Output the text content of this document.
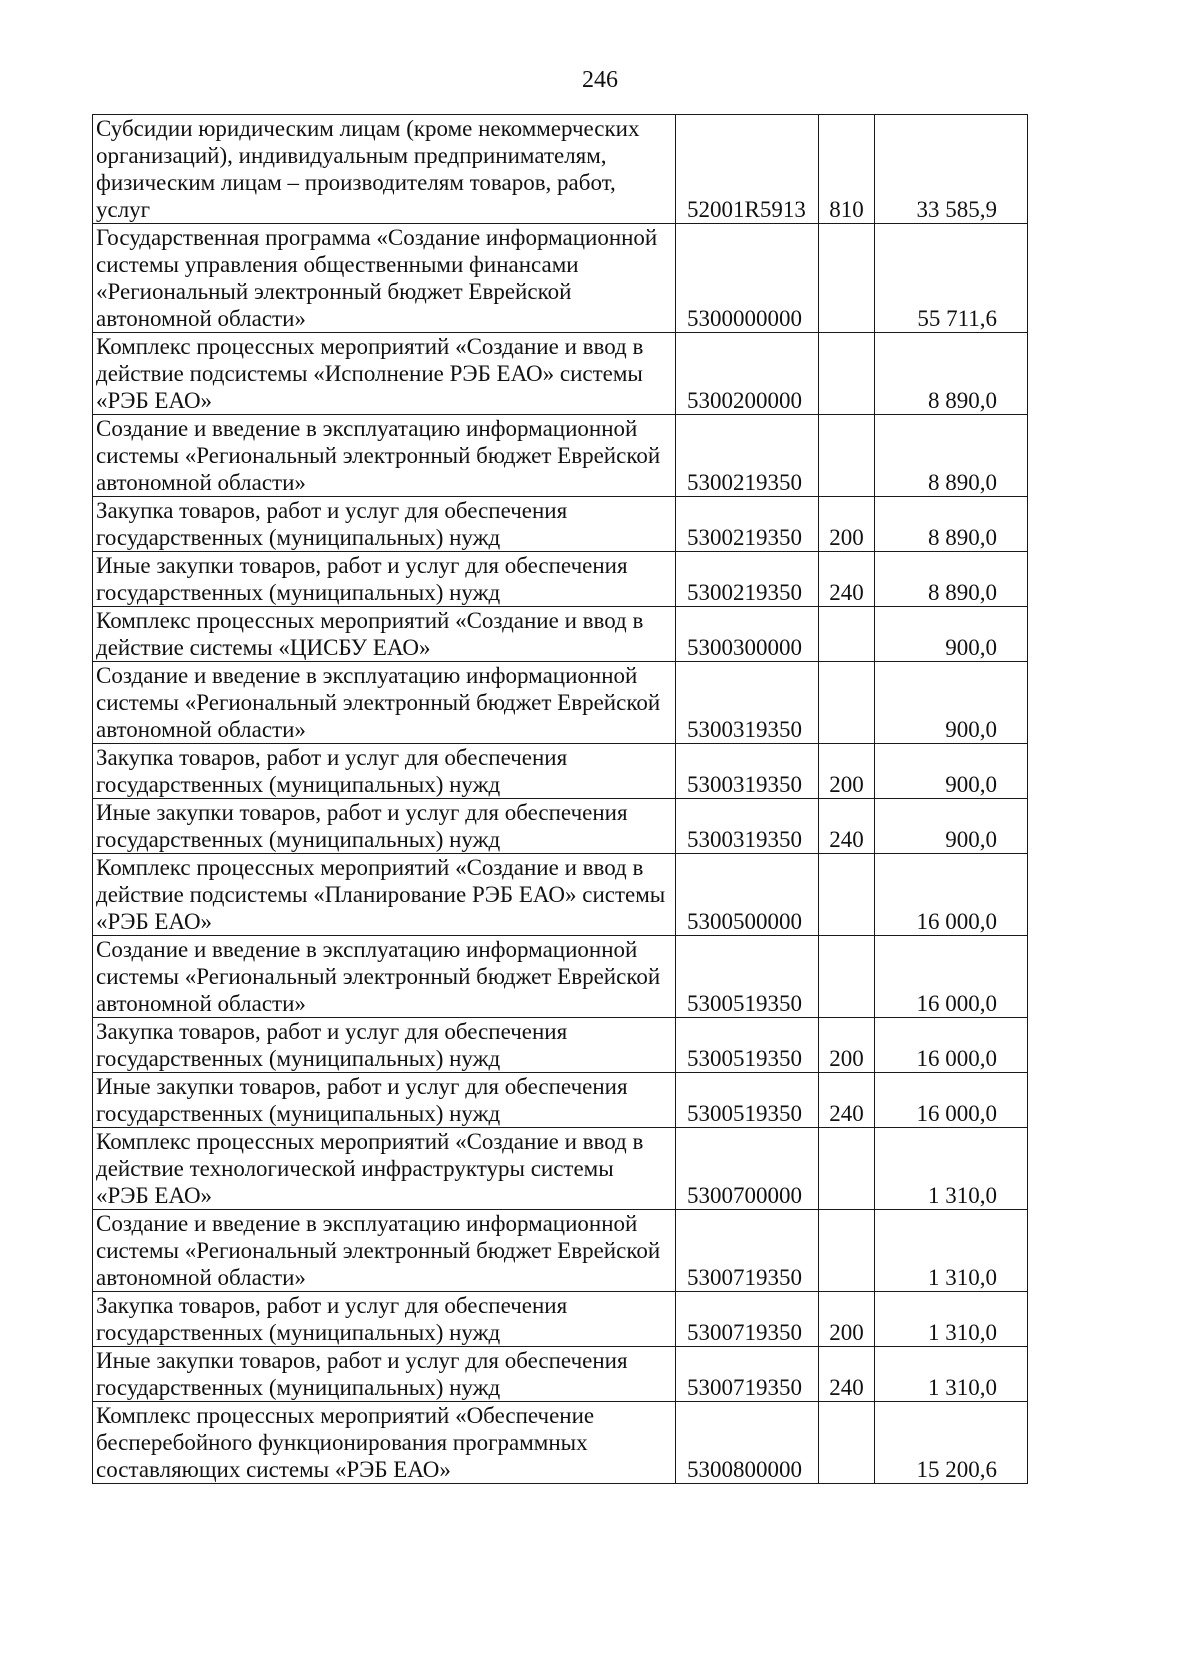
246
Субсидии юридическим лицам (кроме некоммерческих организаций), индивидуальным предпринимателям, физическим лицам – производителям товаров, работ, услуг	52001R5913	810	33 585,9
Государственная программа «Создание информационной системы управления общественными финансами «Региональный электронный бюджет Еврейской автономной области»	5300000000		55 711,6
Комплекс процессных мероприятий «Создание и ввод в действие подсистемы «Исполнение РЭБ ЕАО» системы «РЭБ ЕАО»	5300200000		8 890,0
Создание и введение в эксплуатацию информационной системы «Региональный электронный бюджет Еврейской автономной области»	5300219350		8 890,0
Закупка товаров, работ и услуг для обеспечения государственных (муниципальных) нужд	5300219350	200	8 890,0
Иные закупки товаров, работ и услуг для обеспечения государственных (муниципальных) нужд	5300219350	240	8 890,0
Комплекс процессных мероприятий «Создание и ввод в действие системы «ЦИСБУ ЕАО»	5300300000		900,0
Создание и введение в эксплуатацию информационной системы «Региональный электронный бюджет Еврейской автономной области»	5300319350		900,0
Закупка товаров, работ и услуг для обеспечения государственных (муниципальных) нужд	5300319350	200	900,0
Иные закупки товаров, работ и услуг для обеспечения государственных (муниципальных) нужд	5300319350	240	900,0
Комплекс процессных мероприятий «Создание и ввод в действие подсистемы «Планирование РЭБ ЕАО» системы «РЭБ ЕАО»	5300500000		16 000,0
Создание и введение в эксплуатацию информационной системы «Региональный электронный бюджет Еврейской автономной области»	5300519350		16 000,0
Закупка товаров, работ и услуг для обеспечения государственных (муниципальных) нужд	5300519350	200	16 000,0
Иные закупки товаров, работ и услуг для обеспечения государственных (муниципальных) нужд	5300519350	240	16 000,0
Комплекс процессных мероприятий «Создание и ввод в действие технологической инфраструктуры системы «РЭБ ЕАО»	5300700000		1 310,0
Создание и введение в эксплуатацию информационной системы «Региональный электронный бюджет Еврейской автономной области»	5300719350		1 310,0
Закупка товаров, работ и услуг для обеспечения государственных (муниципальных) нужд	5300719350	200	1 310,0
Иные закупки товаров, работ и услуг для обеспечения государственных (муниципальных) нужд	5300719350	240	1 310,0
Комплекс процессных мероприятий «Обеспечение бесперебойного функционирования программных составляющих системы «РЭБ ЕАО»	5300800000		15 200,6
